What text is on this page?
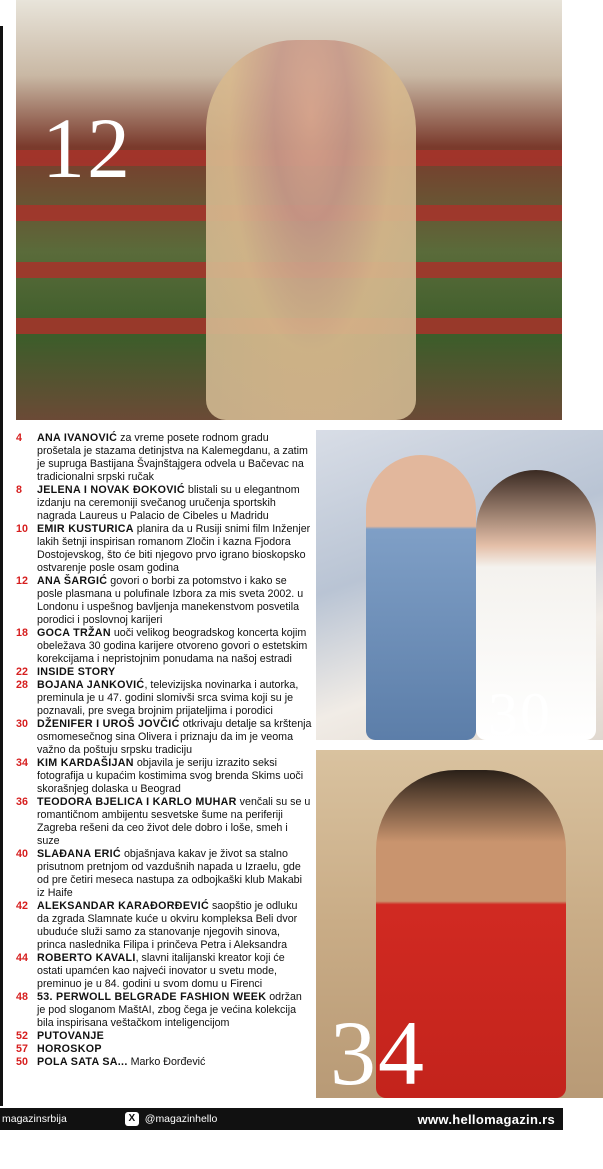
12
30
34
4	ANA IVANOVIĆ za vreme posete rodnom gradu prošetala je stazama detinjstva na Kalemegdanu, a zatim je supruga Bastijana Švajnštajgera odvela u Bačevac na tradicionalni srpski ručak
8	JELENA I NOVAK ĐOKOVIĆ blistali su u elegantnom izdanju na ceremoniji svečanog uručenja sportskih nagrada Laureus u Palacio de Cibeles u Madridu
10 EMIR KUSTURICA planira da u Rusiji snimi film Inženjer lakih šetnji inspirisan romanom Zločin i kazna Fjodora Dostojevskog, što će biti njegovo prvo igrano bioskopsko ostvarenje posle osam godina
12 ANA ŠARGIĆ govori o borbi za potomstvo i kako se posle plasmana u polufinale Izbora za mis sveta 2002. u Londonu i uspešnog bavljenja manekenstvom posvetila porodici i poslovnoj karijeri
18 GOCA TRŽAN uoči velikog beogradskog koncerta kojim obeležava 30 godina karijere otvoreno govori o estetskim korekcijama i nepristojnim ponudama na našoj estradi
22 INSIDE STORY
28 BOJANA JANKOVIĆ, televizijska novinarka i autorka, preminula je u 47. godini slomivši srca svima koji su je poznavali, pre svega brojnim prijateljima i porodici
30 DŽENIFER I UROŠ JOVČIĆ otkrivaju detalje sa krštenja osmomesečnog sina Olivera i priznaju da im je veoma važno da poštuju srpsku tradiciju
34 KIM KARDAŠIJAN objavila je seriju izrazito seksi fotografija u kupaćim kostimima svog brenda Skims uoči skorašnjeg dolaska u Beograd
36 TEODORA BJELICA I KARLO MUHAR venčali su se u romantičnom ambijentu sesvetske šume na periferiji Zagreba rešeni da ceo život dele dobro i loše, smeh i suze
40 SLAĐANA ERIĆ objašnjava kakav je život sa stalno prisutnom pretnjom od vazdušnih napada u Izraelu, gde od pre četiri meseca nastupa za odbojkaški klub Makabi iz Haife
42 ALEKSANDAR KARAĐORĐEVIĆ saopštio je odluku da zgrada Slamnate kuće u okviru kompleksa Beli dvor ubuduće služi samo za stanovanje njegovih sinova, princa naslednika Filipa i prinčeva Petra i Aleksandra
44 ROBERTO KAVALI, slavni italijanski kreator koji će ostati upamćen kao najveći inovator u svetu mode, preminuo je u 84. godini u svom domu u Firenci
48 53. PERWOLL BELGRADE FASHION WEEK održan je pod sloganom MaštAI, zbog čega je većina kolekcija bila inspirisana veštačkom inteligencijom
52 PUTOVANJE
57 HOROSKOP
50 POLA SATA SA... Marko Đorđević
magazinsrbija	X @magazinhello	www.hellomagazin.rs
